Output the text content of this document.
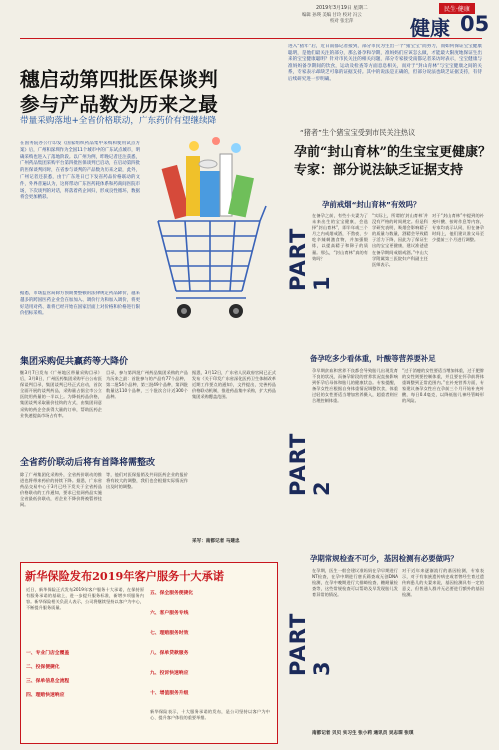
民生·健康
2019年3月19日 星期二
编辑 孙瑛 美编 甘玲 校对 冯云
校对 张宏萍	健康 05
穗启动第四批医保谈判
参与产品数为历来之最
带量采购落地+全省价格联动，广东药价有望继续降
在国务院办公厅印发《国家组织药品集中采购和使用试点方案》后，广州和深圳作为全国11个城市中的广东试点城市，明确采购也进入了落地阶段。以广州为例，昨晚记者还注获悉，广州药品集团采购平台第四批医保谈判已启动，在启动第四批的医保谈判同时，在省参与谈判的产品数为历来之最，此外，广州记者还获悉，由于广东进日已下发省药品价格联动的文件，外界普遍认为，这将带动广东医药耗体系和药商间医院市场，下次谈判的对话，将落着药企回归，形成良性循环，数据将会更加精彩。
据悉，市场监管局除方预期要整顿的法律规定药品降价，越来越多的跨国医药企业会在加加入、调价行为和加入调价，将更好适用对药、谁将已经开始在国家层面上对价格和价格进行限价招标采购。
集团采购促共赢药等大降价
继3月7日发布《广州地区带量采购目录》后，3月8日，广州医药集团采购平台公布医保谈判目录，集团谈判已经正式启动，首次全面开展的谈判药品，采购量占据全市公立医院用药量的一半以上。为降低药品价格，集团谈判采取量价挂钩的方式，由集团同意采购的药企会获得大量的订单，帮助医药企业快速提高市场占有率。
目录，参与第四批广州药品集团采购的产品为历来之最：首批参与的产品有77个品种，第二批54个品种，第三批49个品种，第四批数量达110个品种，三个批次合计近300个品种。
据悉，3月12日，广东省人民政府官网已正式发布《关于印发广东省深化医药卫生体制改革近期工作要点的通知》，文件提出，完善药品价格联动机制，推进药品集中采购，扩大药品集团采购覆盖范围。
全省药价联动后将有首降将需整改
除了广州集团化采购外，全省药价联动的推进也将带来药价的持续下降。据悉，广东省药品交易中心于3月已经下发关于全省药品价格联动的工作通知，要求已挂网药品实施全省最低价联动，若企业不降价将被暂停挂网。
等，他们对医保报销及共同医药企业的报价将有较大的调整，我们也会根据实际情况作出及时的调整。
采写：南都记者 马建忠
新华保险发布2019年客户服务十大承诺
近日，新华保险正式发布2019年客户服务十大承诺，在保持原有服务承诺的基础上，进一步提升服务标准，新增多项服务内容。新华保险相关负责人表示，公司将继续坚持以客户为中心，不断提升服务质量。
一、专业门店全覆盖
二、投保便捷化
三、保单信息全流程
四、理赔快速响应
五、保全服务便捷化
六、客户服务专线
七、理赔服务时效
八、保单贷款服务
九、投诉快速响应
十、增值服务升级
新华保险表示，十大服务承诺的发布，是公司坚持以客户为中心、提升客户体验的重要举措。
进入“猪年”后，近日南都记者接到，部分市民为生出一个“猪宝宝”而努力，而如何保证宝宝健康聪明，是他们最关注的部分，那么备孕和孕期，准妈妈们应该怎么做，才能最大限度地保证生出来的宝宝健康聪明？针对市民关注的相关问题，部分专家接受南都记者采访时表示，宝宝健康与准妈妈备孕期间的饮食，运动及检查等方面息息相关，而对于“封山育林”与宝宝健康之间的关系，专家表示却缺乏可靠的证据支持。其中的说法是正确的，但部分说法也缺乏证据支持，有待后续研究进一步明确。
“猪者”生个猪宝宝受到市民关注热议
孕前“封山育林”的生宝宝更健康？
专家：部分说法缺乏证据支持
PART 1
孕前戒烟“封山育林”有效吗？
在备孕之前，有些小夫妻为了未来出生的宝宝健康，会选择“封山育林”，即半年或三个月之内戒烟戒酒，不熬夜、少吃辛辣刺激食物，并加强锻炼，以提高精子和卵子的质量。那么，“封山育林”真的有效吗？
“实际上，所谓的‘封山育林’并没有严格的时间规定。但是科学研究表明，吸烟会影响精子的质量与数量，酒精会导致精子活力下降，因此为了保证生出的宝宝更健康，建议准爸爸在备孕期间戒烟戒酒。”中山大学附属第三医院妇产科副主任医师表示。
对于“封山育林”中提到的补充叶酸、按时作息等内容，专家均表示认同，但在备孕时间上，他们建议准父母至少提前三个月进行调整。
PART 2
备孕吃多少看体重，叶酸等营养要补足
孕早期贫血和营养不良都会导致胎儿出现发育不良的状况，而备孕阶段的营养状况直接影响到怀孕后母体和胎儿的健康状态。专家提醒，备孕女性应根据自身体重情况调整饮食，体重过轻的女性要适当增加营养摄入，超重者则应合理控制体重。
“过于消瘦的女性要适当增加体重，过于肥胖的女性则要控制体重，并且要在怀孕前将体重调整到正常范围内。”在补充营养方面，专家建议备孕女性应在孕前三个月开始补充叶酸，每日0.4毫克，以降低胎儿神经管畸形的风险。
PART 3
孕期常规检查不可少，基因检测有必要做吗？
在孕期，医生一般会建议准妈妈在孕早期进行NT检查，在孕中期进行唐氏筛查或无创DNA检测，在孕中晚期进行大排畸检查、糖耐量检查等，这些常规检查可以帮助及早发现胎儿发育异常的情况。
对于近年来逐渐流行的基因检测，专家表示，对于有家族遗传病史或者曾经生育过遗传病患儿的夫妻来说，基因检测具有一定的意义，但普通人群并无必要进行额外的基因检测。
南都记者 贝贝 实习生 张小莉 通讯员 吴志琛 张琪
